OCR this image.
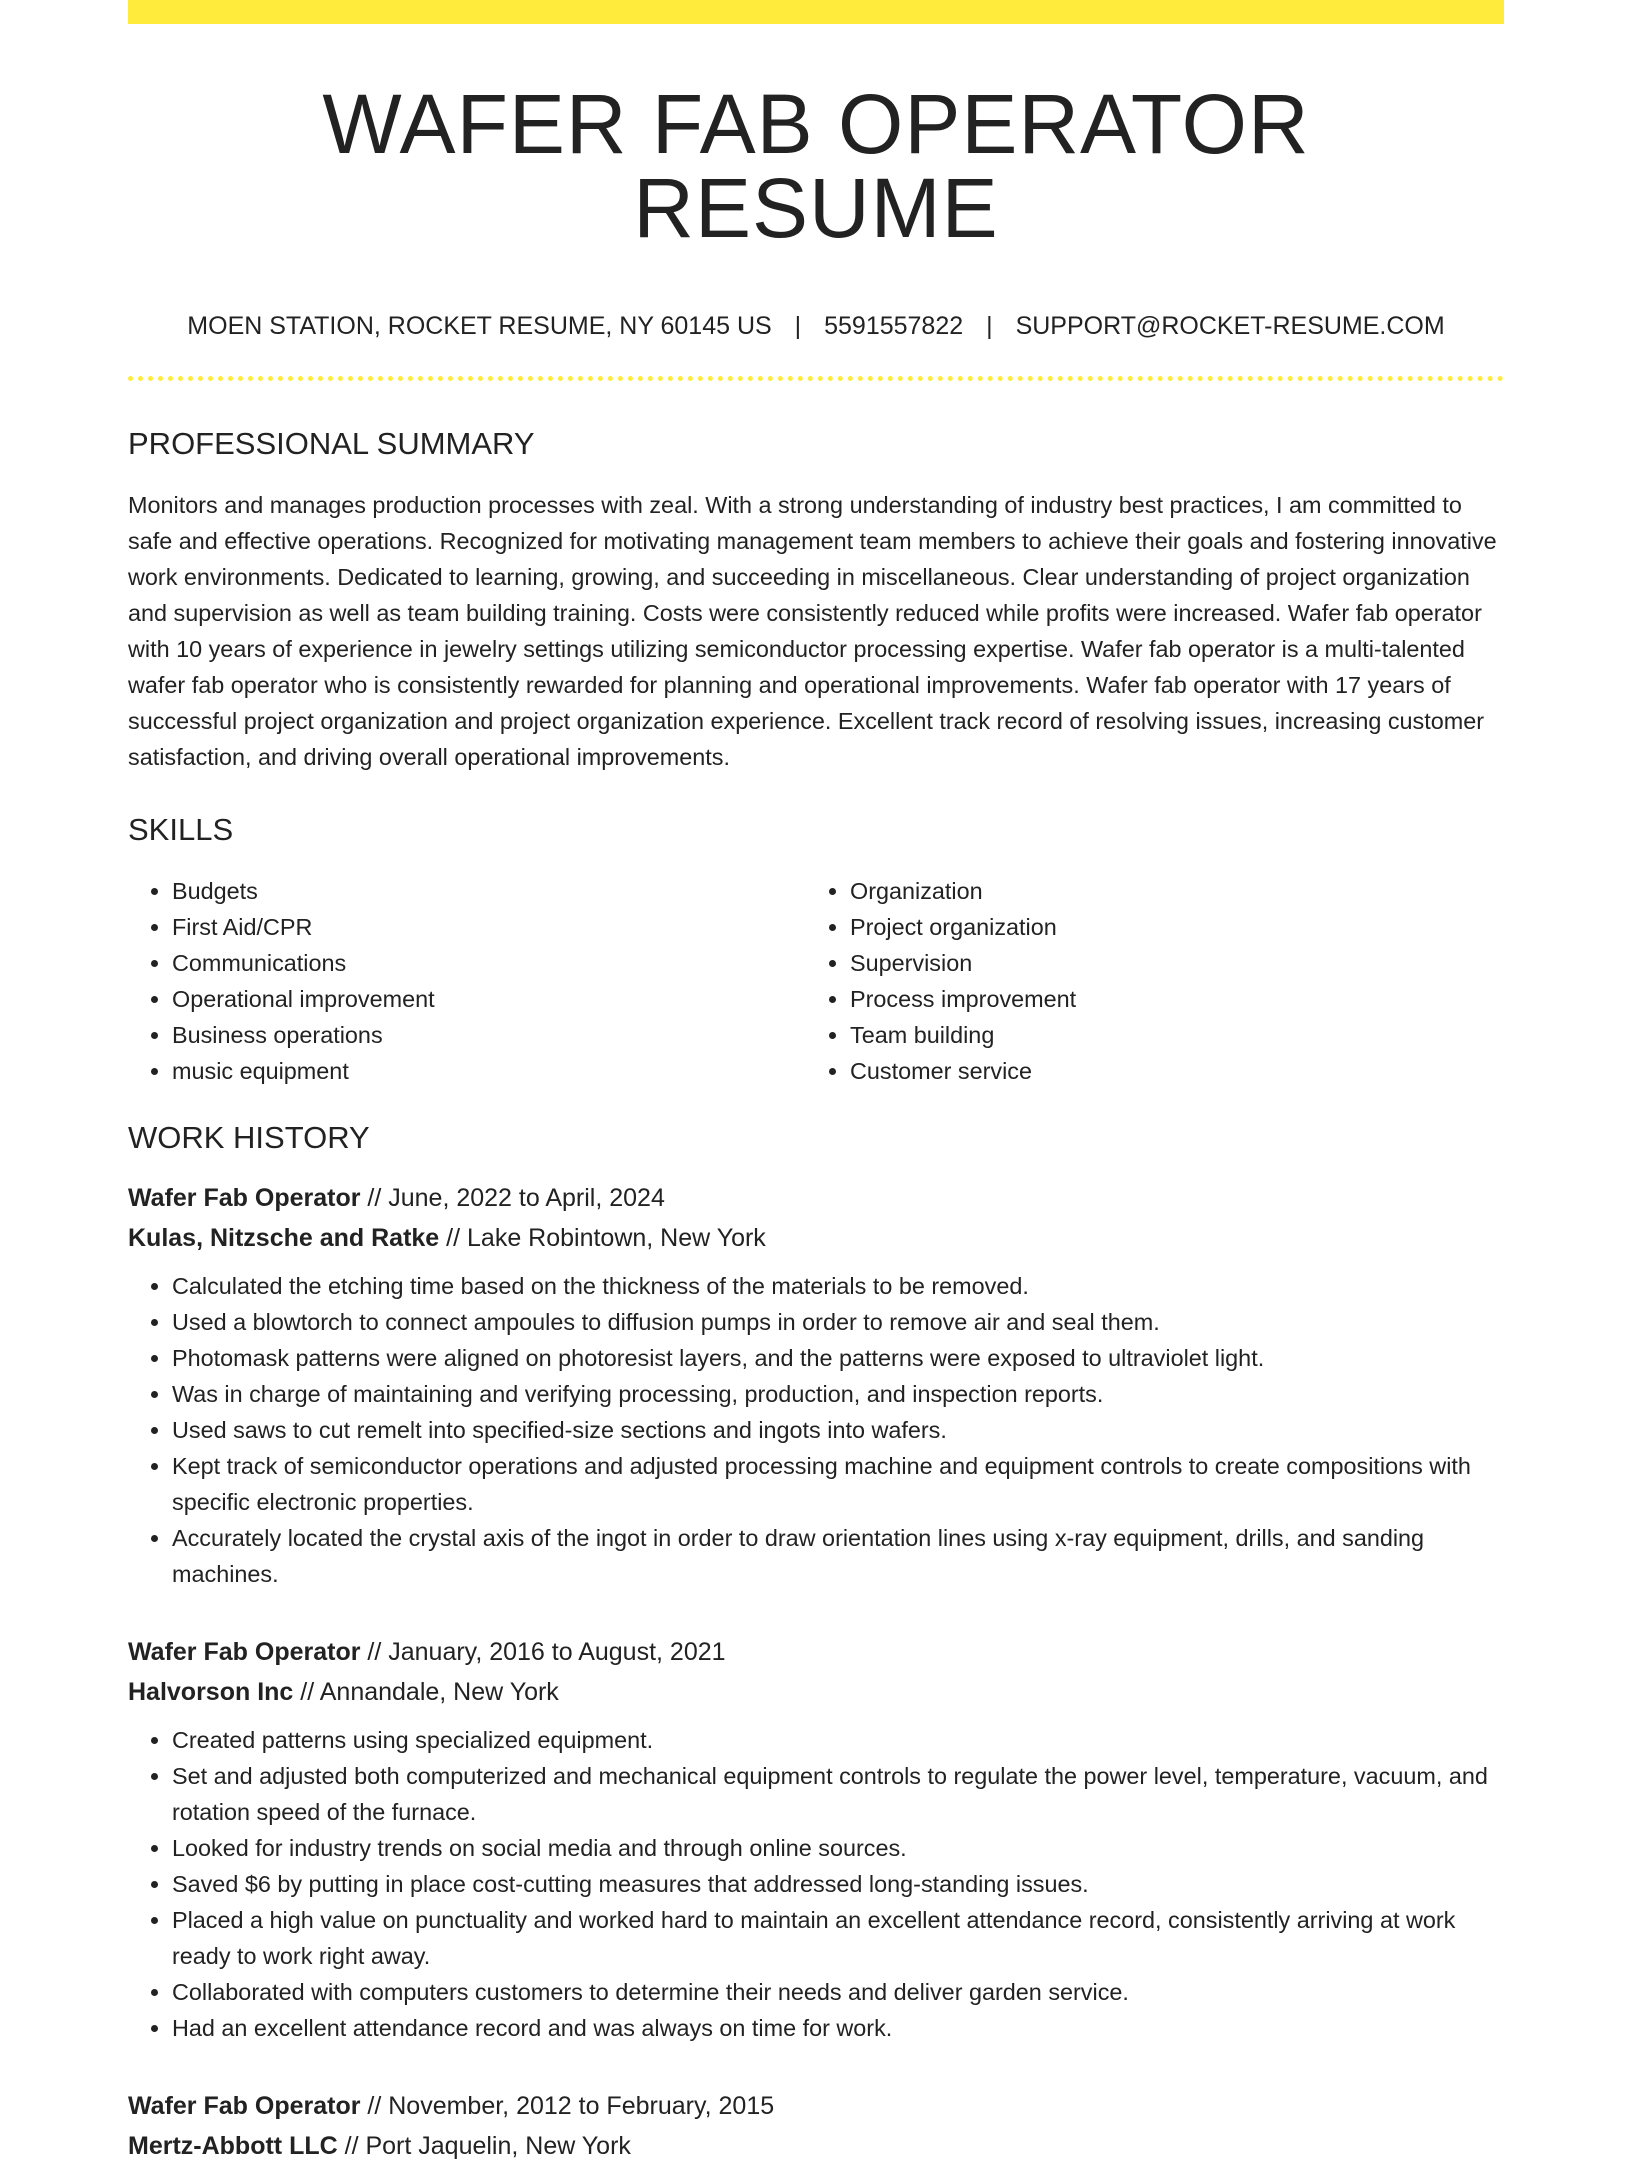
WAFER FAB OPERATOR RESUME
MOEN STATION, ROCKET RESUME, NY 60145 US | 5591557822 | SUPPORT@ROCKET-RESUME.COM
PROFESSIONAL SUMMARY
Monitors and manages production processes with zeal. With a strong understanding of industry best practices, I am committed to safe and effective operations. Recognized for motivating management team members to achieve their goals and fostering innovative work environments. Dedicated to learning, growing, and succeeding in miscellaneous. Clear understanding of project organization and supervision as well as team building training. Costs were consistently reduced while profits were increased. Wafer fab operator with 10 years of experience in jewelry settings utilizing semiconductor processing expertise. Wafer fab operator is a multi-talented wafer fab operator who is consistently rewarded for planning and operational improvements. Wafer fab operator with 17 years of successful project organization and project organization experience. Excellent track record of resolving issues, increasing customer satisfaction, and driving overall operational improvements.
SKILLS
• Budgets
• First Aid/CPR
• Communications
• Operational improvement
• Business operations
• music equipment
• Organization
• Project organization
• Supervision
• Process improvement
• Team building
• Customer service
WORK HISTORY
Wafer Fab Operator // June, 2022 to April, 2024
Kulas, Nitzsche and Ratke // Lake Robintown, New York
• Calculated the etching time based on the thickness of the materials to be removed.
• Used a blowtorch to connect ampoules to diffusion pumps in order to remove air and seal them.
• Photomask patterns were aligned on photoresist layers, and the patterns were exposed to ultraviolet light.
• Was in charge of maintaining and verifying processing, production, and inspection reports.
• Used saws to cut remelt into specified-size sections and ingots into wafers.
• Kept track of semiconductor operations and adjusted processing machine and equipment controls to create compositions with specific electronic properties.
• Accurately located the crystal axis of the ingot in order to draw orientation lines using x-ray equipment, drills, and sanding machines.
Wafer Fab Operator // January, 2016 to August, 2021
Halvorson Inc // Annandale, New York
• Created patterns using specialized equipment.
• Set and adjusted both computerized and mechanical equipment controls to regulate the power level, temperature, vacuum, and rotation speed of the furnace.
• Looked for industry trends on social media and through online sources.
• Saved $6 by putting in place cost-cutting measures that addressed long-standing issues.
• Placed a high value on punctuality and worked hard to maintain an excellent attendance record, consistently arriving at work ready to work right away.
• Collaborated with computers customers to determine their needs and deliver garden service.
• Had an excellent attendance record and was always on time for work.
Wafer Fab Operator // November, 2012 to February, 2015
Mertz-Abbott LLC // Port Jaquelin, New York
